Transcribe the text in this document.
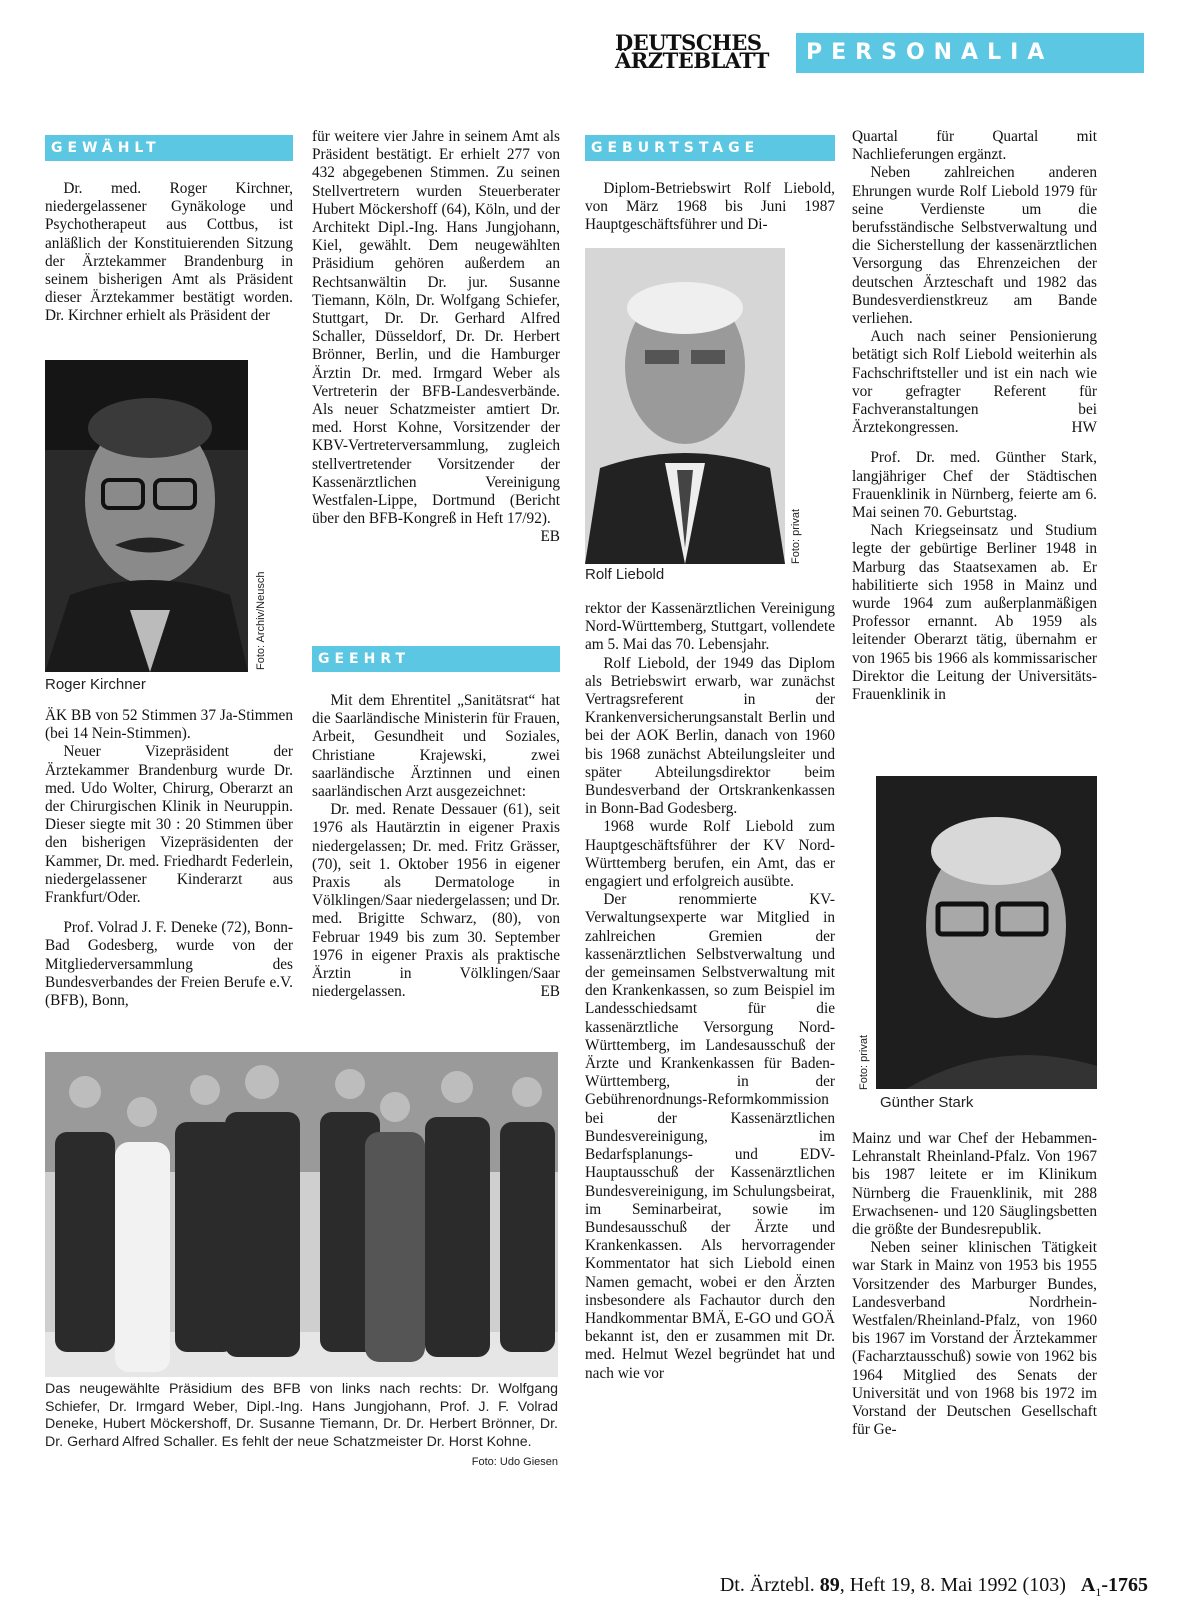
DEUTSCHES
ÄRZTEBLATT	PERSONALIA
GEWÄHLT

Dr. med. Roger Kirchner, niedergelassener Gynäkologe und Psychotherapeut aus Cottbus, ist anläßlich der Konstituierenden Sitzung der Ärztekammer Brandenburg in seinem bisherigen Amt als Präsident dieser Ärztekammer bestätigt worden. Dr. Kirchner erhielt als Präsident der

Foto: Archiv/Neusch
Roger Kirchner

ÄK BB von 52 Stimmen 37 Ja-Stimmen (bei 14 Nein-Stimmen).

Neuer Vizepräsident der Ärztekammer Brandenburg wurde Dr. med. Udo Wolter, Chirurg, Oberarzt an der Chirurgischen Klinik in Neuruppin. Dieser siegte mit 30 : 20 Stimmen über den bisherigen Vizepräsidenten der Kammer, Dr. med. Friedhardt Federlein, niedergelassener Kinderarzt aus Frankfurt/Oder.

Prof. Volrad J. F. Deneke (72), Bonn-Bad Godesberg, wurde von der Mitgliederversammlung des Bundesverbandes der Freien Berufe e.V. (BFB), Bonn,

für weitere vier Jahre in seinem Amt als Präsident bestätigt. Er erhielt 277 von 432 abgegebenen Stimmen. Zu seinen Stellvertretern wurden Steuerberater Hubert Möckershoff (64), Köln, und der Architekt Dipl.-Ing. Hans Jungjohann, Kiel, gewählt. Dem neugewählten Präsidium gehören außerdem an Rechtsanwältin Dr. jur. Susanne Tiemann, Köln, Dr. Wolfgang Schiefer, Stuttgart, Dr. Dr. Gerhard Alfred Schaller, Düsseldorf, Dr. Dr. Herbert Brönner, Berlin, und die Hamburger Ärztin Dr. med. Irmgard Weber als Vertreterin der BFB-Landesverbände. Als neuer Schatzmeister amtiert Dr. med. Horst Kohne, Vorsitzender der KBV-Vertreterversammlung, zugleich stellvertretender Vorsitzender der Kassenärztlichen Vereinigung Westfalen-Lippe, Dortmund (Bericht über den BFB-Kongreß in Heft 17/92).

EB

GEEHRT

Mit dem Ehrentitel „Sanitätsrat“ hat die Saarländische Ministerin für Frauen, Arbeit, Gesundheit und Soziales, Christiane Krajewski, zwei saarländische Ärztinnen und einen saarländischen Arzt ausgezeichnet:

Dr. med. Renate Dessauer (61), seit 1976 als Hautärztin in eigener Praxis niedergelassen; Dr. med. Fritz Grässer, (70), seit 1. Oktober 1956 in eigener Praxis als Dermatologe in Völklingen/Saar niedergelassen; und Dr. med. Brigitte Schwarz, (80), von Februar 1949 bis zum 30. September 1976 in eigener Praxis als praktische Ärztin in Völklingen/Saar niedergelassen.	EB

Das neugewählte Präsidium des BFB von links nach rechts: Dr. Wolfgang Schiefer, Dr. Irmgard Weber, Dipl.-Ing. Hans Jungjohann, Prof. J. F. Volrad Deneke, Hubert Möckershoff, Dr. Susanne Tiemann, Dr. Dr. Herbert Brönner, Dr. Dr. Gerhard Alfred Schaller. Es fehlt der neue Schatzmeister Dr. Horst Kohne.
Foto: Udo Giesen
GEBURTSTAGE

Diplom-Betriebswirt Rolf Liebold, von März 1968 bis Juni 1987 Hauptgeschäftsführer und Di-

Foto: privat
Rolf Liebold

rektor der Kassenärztlichen Vereinigung Nord-Württemberg, Stuttgart, vollendete am 5. Mai das 70. Lebensjahr.

Rolf Liebold, der 1949 das Diplom als Betriebswirt erwarb, war zunächst Vertragsreferent in der Krankenversicherungsanstalt Berlin und bei der AOK Berlin, danach von 1960 bis 1968 zunächst Abteilungsleiter und später Abteilungsdirektor beim Bundesverband der Ortskrankenkassen in Bonn-Bad Godesberg.

1968 wurde Rolf Liebold zum Hauptgeschäftsführer der KV Nord-Württemberg berufen, ein Amt, das er engagiert und erfolgreich ausübte.

Der renommierte KV-Verwaltungsexperte war Mitglied in zahlreichen Gremien der kassenärztlichen Selbstverwaltung und der gemeinsamen Selbstverwaltung mit den Krankenkassen, so zum Beispiel im Landesschiedsamt für die kassenärztliche Versorgung Nord-Württemberg, im Landesausschuß der Ärzte und Krankenkassen für Baden-Württemberg, in der Gebührenordnungs-Reformkommission bei der Kassenärztlichen Bundesvereinigung, im Bedarfsplanungs- und EDV-Hauptausschuß der Kassenärztlichen Bundesvereinigung, im Schulungsbeirat, im Seminarbeirat, sowie im Bundesausschuß der Ärzte und Krankenkassen. Als hervorragender Kommentator hat sich Liebold einen Namen gemacht, wobei er den Ärzten insbesondere als Fachautor durch den Handkommentar BMÄ, E-GO und GOÄ bekannt ist, den er zusammen mit Dr. med. Helmut Wezel begründet hat und nach wie vor

Quartal für Quartal mit Nachlieferungen ergänzt.

Neben zahlreichen anderen Ehrungen wurde Rolf Liebold 1979 für seine Verdienste um die berufsständische Selbstverwaltung und die Sicherstellung der kassenärztlichen Versorgung das Ehrenzeichen der deutschen Ärzteschaft und 1982 das Bundesverdienstkreuz am Bande verliehen.

Auch nach seiner Pensionierung betätigt sich Rolf Liebold weiterhin als Fachschriftsteller und ist ein nach wie vor gefragter Referent für Fachveranstaltungen bei Ärztekongressen.	HW

Prof. Dr. med. Günther Stark, langjähriger Chef der Städtischen Frauenklinik in Nürnberg, feierte am 6. Mai seinen 70. Geburtstag.

Nach Kriegseinsatz und Studium legte der gebürtige Berliner 1948 in Marburg das Staatsexamen ab. Er habilitierte sich 1958 in Mainz und wurde 1964 zum außerplanmäßigen Professor ernannt. Ab 1959 als leitender Oberarzt tätig, übernahm er von 1965 bis 1966 als kommissarischer Direktor die Leitung der Universitäts-Frauenklinik in

Foto: privat
Günther Stark

Mainz und war Chef der Hebammen-Lehranstalt Rheinland-Pfalz. Von 1967 bis 1987 leitete er im Klinikum Nürnberg die Frauenklinik, mit 288 Erwachsenen- und 120 Säuglingsbetten die größte der Bundesrepublik.

Neben seiner klinischen Tätigkeit war Stark in Mainz von 1953 bis 1955 Vorsitzender des Marburger Bundes, Landesverband Nordrhein-Westfalen/Rheinland-Pfalz, von 1960 bis 1967 im Vorstand der Ärztekammer (Facharztausschuß) sowie von 1962 bis 1964 Mitglied des Senats der Universität und von 1968 bis 1972 im Vorstand der Deutschen Gesellschaft für Ge-

Dt. Ärztebl. 89, Heft 19, 8. Mai 1992 (103) $A_1-1765$
